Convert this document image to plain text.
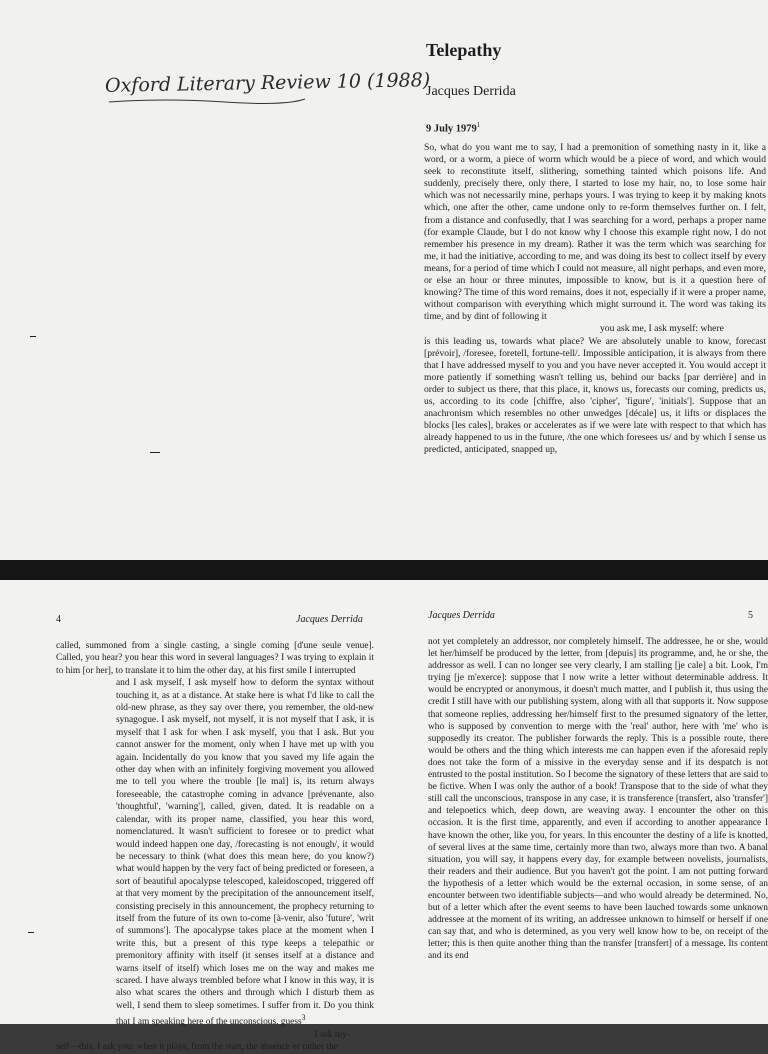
Oxford Literary Review 10 (1988)
Telepathy
Jacques Derrida
9 July 1979$^1$
So, what do you want me to say, I had a premonition of something nasty in it, like a word, or a worm, a piece of worm which would be a piece of word, and which would seek to reconstitute itself, slithering, something tainted which poisons life. And suddenly, precisely there, only there, I started to lose my hair, no, to lose some hair which was not necessarily mine, perhaps yours. I was trying to keep it by making knots which, one after the other, came undone only to re-form themselves further on. I felt, from a distance and confusedly, that I was searching for a word, perhaps a proper name (for example Claude, but I do not know why I choose this example right now, I do not remember his presence in my dream). Rather it was the term which was searching for me, it had the initiative, according to me, and was doing its best to collect itself by every means, for a period of time which I could not measure, all night perhaps, and even more, or else an hour or three minutes, impossible to know, but is it a question here of knowing? The time of this word remains, does it not, especially if it were a proper name, without comparison with everything which might surround it. The word was taking its time, and by dint of following it
you ask me, I ask myself: where
is this leading us, towards what place? We are absolutely unable to know, forecast [prévoir], /foresee, foretell, fortune-tell/. Impossible anticipation, it is always from there that I have addressed myself to you and you have never accepted it. You would accept it more patiently if something wasn't telling us, behind our backs [par derrière] and in order to subject us there, that this place, it, knows us, forecasts our coming, predicts us, us, according to its code [chiffre, also 'cipher', 'figure', 'initials']. Suppose that an anachronism which resembles no other unwedges [décale] us, it lifts or displaces the blocks [les cales], brakes or accelerates as if we were late with respect to that which has already happened to us in the future, /the one which foresees us/ and by which I sense us predicted, anticipated, snapped up,
4	Jacques Derrida
called, summoned from a single casting, a single coming [d'une seule venue]. Called, you hear? you hear this word in several languages? I was trying to explain it to him [or her], to translate it to him the other day, at his first smile I interrupted
and I ask myself, I ask myself how to deform the syntax without touching it, as at a distance. At stake here is what I'd like to call the old-new phrase, as they say over there, you remember, the old-new synagogue. I ask myself, not myself, it is not myself that I ask, it is myself that I ask for when I ask myself, you that I ask. But you cannot answer for the moment, only when I have met up with you again. Incidentally do you know that you saved my life again the other day when with an infinitely forgiving movement you allowed me to tell you where the trouble [le mal] is, its return always foreseeable, the catastrophe coming in advance [prévenante, also 'thoughtful', 'warning'], called, given, dated. It is readable on a calendar, with its proper name, classified, you hear this word, nomenclatured. It wasn't sufficient to foresee or to predict what would indeed happen one day, /forecasting is not enough/, it would be necessary to think (what does this mean here, do you know?) what would happen by the very fact of being predicted or foreseen, a sort of beautiful apocalypse telescoped, kaleidoscoped, triggered off at that very moment by the precipitation of the announcement itself, consisting precisely in this announcement, the prophecy returning to itself from the future of its own to-come [à-venir, also 'future', 'writ of summons']. The apocalypse takes place at the moment when I write this, but a present of this type keeps a telepathic or premonitory affinity with itself (it senses itself at a distance and warns itself of itself) which loses me on the way and makes me scared. I have always trembled before what I know in this way, it is also what scares the others and through which I disturb them as well, I send them to sleep sometimes. I suffer from it. Do you think that I am speaking here of the unconscious, guess$^3$
I ask my-
self—this, I ask you: when it plays, from the start, the absence or rather the
Jacques Derrida	5
not yet completely an addressor, nor completely himself. The addressee, he or she, would let her/himself be produced by the letter, from [depuis] its programme, and, he or she, the addressor as well. I can no longer see very clearly, I am stalling [je cale] a bit. Look, I'm trying [je m'exerce]: suppose that I now write a letter without determinable address. It would be encrypted or anonymous, it doesn't much matter, and I publish it, thus using the credit I still have with our publishing system, along with all that supports it. Now suppose that someone replies, addressing her/himself first to the presumed signatory of the letter, who is supposed by convention to merge with the 'real' author, here with 'me' who is supposedly its creator. The publisher forwards the reply. This is a possible route, there would be others and the thing which interests me can happen even if the aforesaid reply does not take the form of a missive in the everyday sense and if its despatch is not entrusted to the postal institution. So I become the signatory of these letters that are said to be fictive. When I was only the author of a book! Transpose that to the side of what they still call the unconscious, transpose in any case, it is transference [transfert, also 'transfer'] and telepoetics which, deep down, are weaving away. I encounter the other on this occasion. It is the first time, apparently, and even if according to another appearance I have known the other, like you, for years. In this encounter the destiny of a life is knotted, of several lives at the same time, certainly more than two, always more than two. A banal situation, you will say, it happens every day, for example between novelists, journalists, their readers and their audience. But you haven't got the point. I am not putting forward the hypothesis of a letter which would be the external occasion, in some sense, of an encounter between two identifiable subjects—and who would already be determined. No, but of a letter which after the event seems to have been lauched towards some unknown addressee at the moment of its writing, an addressee unknown to himself or herself if one can say that, and who is determined, as you very well know how to be, on receipt of the letter; this is then quite another thing than the transfer [transfert] of a message. Its content and its end
